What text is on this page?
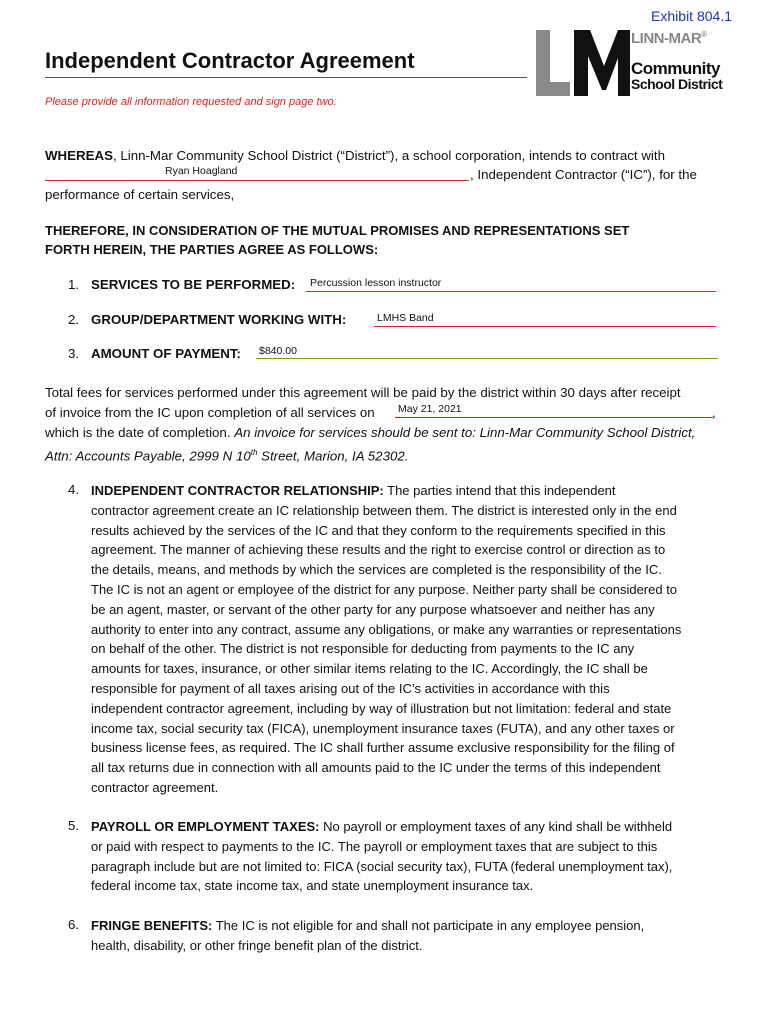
Exhibit 804.1
Independent Contractor Agreement
Please provide all information requested and sign page two.
LINN-MAR®
Community
School District
WHEREAS, Linn-Mar Community School District (“District”), a school corporation, intends to contract with
Ryan Hoagland	, Independent Contractor (“IC”), for the
performance of certain services,
THEREFORE, IN CONSIDERATION OF THE MUTUAL PROMISES AND REPRESENTATIONS SET
FORTH HEREIN, THE PARTIES AGREE AS FOLLOWS:
1. SERVICES TO BE PERFORMED: Percussion lesson instructor
2. GROUP/DEPARTMENT WORKING WITH:	LMHS Band
3. AMOUNT OF PAYMENT: $840.00
Total fees for services performed under this agreement will be paid by the district within 30 days after receipt
of invoice from the IC upon completion of all services on May 21, 2021	,
which is the date of completion. An invoice for services should be sent to: Linn-Mar Community School District,
Attn: Accounts Payable, 2999 N 10th Street, Marion, IA 52302.
4. INDEPENDENT CONTRACTOR RELATIONSHIP: The parties intend that this independent
contractor agreement create an IC relationship between them. The district is interested only in the end
results achieved by the services of the IC and that they conform to the requirements specified in this
agreement. The manner of achieving these results and the right to exercise control or direction as to
the details, means, and methods by which the services are completed is the responsibility of the IC.
The IC is not an agent or employee of the district for any purpose. Neither party shall be considered to
be an agent, master, or servant of the other party for any purpose whatsoever and neither has any
authority to enter into any contract, assume any obligations, or make any warranties or representations
on behalf of the other. The district is not responsible for deducting from payments to the IC any
amounts for taxes, insurance, or other similar items relating to the IC. Accordingly, the IC shall be
responsible for payment of all taxes arising out of the IC’s activities in accordance with this
independent contractor agreement, including by way of illustration but not limitation: federal and state
income tax, social security tax (FICA), unemployment insurance taxes (FUTA), and any other taxes or
business license fees, as required. The IC shall further assume exclusive responsibility for the filing of
all tax returns due in connection with all amounts paid to the IC under the terms of this independent
contractor agreement.
5. PAYROLL OR EMPLOYMENT TAXES: No payroll or employment taxes of any kind shall be withheld
or paid with respect to payments to the IC. The payroll or employment taxes that are subject to this
paragraph include but are not limited to: FICA (social security tax), FUTA (federal unemployment tax),
federal income tax, state income tax, and state unemployment insurance tax.
6. FRINGE BENEFITS: The IC is not eligible for and shall not participate in any employee pension,
health, disability, or other fringe benefit plan of the district.
